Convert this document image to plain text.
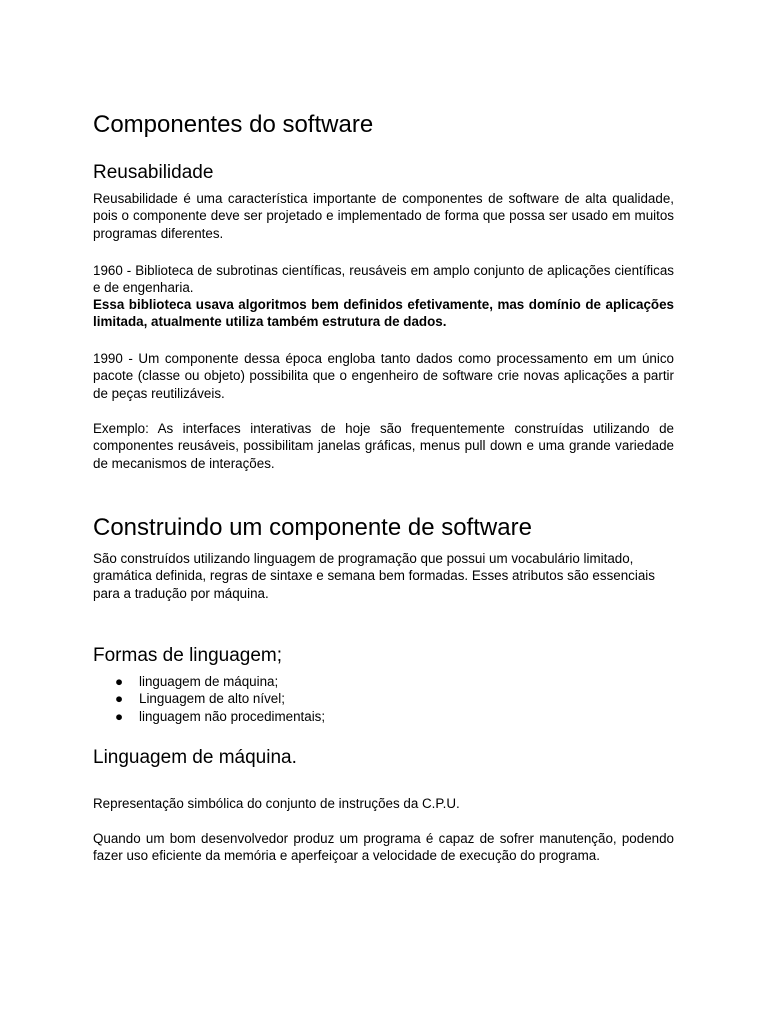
Componentes do software
Reusabilidade

Reusabilidade é uma característica importante de componentes de software de alta qualidade, pois o componente deve ser projetado e implementado de forma que possa ser usado em muitos programas diferentes.

1960 - Biblioteca de subrotinas científicas, reusáveis em amplo conjunto de aplicações científicas e de engenharia.

Essa biblioteca usava algoritmos bem definidos efetivamente, mas domínio de aplicações limitada, atualmente utiliza também estrutura de dados.

1990 - Um componente dessa época engloba tanto dados como processamento em um único pacote (classe ou objeto) possibilita que o engenheiro de software crie novas aplicações a partir de peças reutilizáveis.

Exemplo: As interfaces interativas de hoje são frequentemente construídas utilizando de componentes reusáveis, possibilitam janelas gráficas, menus pull down e uma grande variedade de mecanismos de interações.

Construindo um componente de software

São construídos utilizando linguagem de programação que possui um vocabulário limitado, gramática definida, regras de sintaxe e semana bem formadas. Esses atributos são essenciais para a tradução por máquina.

Formas de linguagem;
● linguagem de máquina;
● Linguagem de alto nível;
● linguagem não procedimentais;
Linguagem de máquina.

Representação simbólica do conjunto de instruções da C.P.U.

Quando um bom desenvolvedor produz um programa é capaz de sofrer manutenção, podendo fazer uso eficiente da memória e aperfeiçoar a velocidade de execução do programa.
